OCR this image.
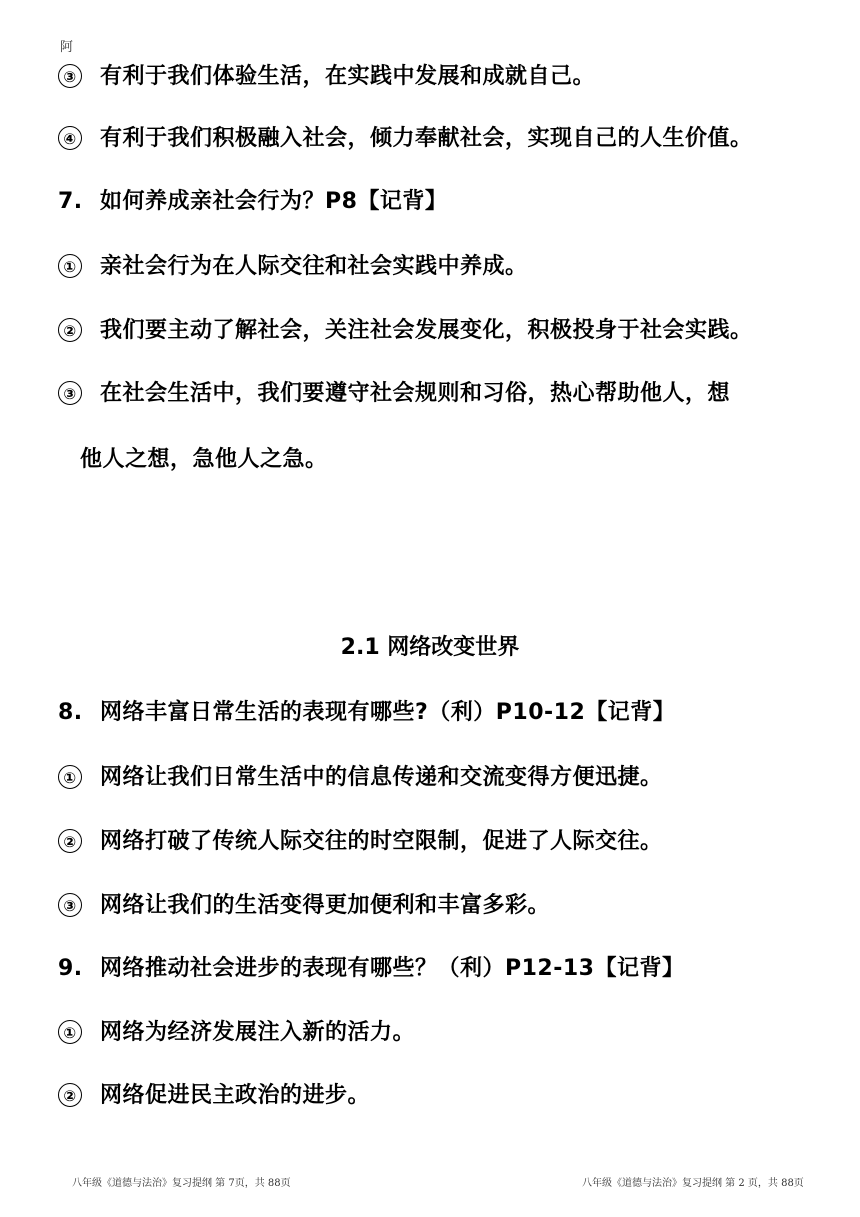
阿
③ 有利于我们体验生活，在实践中发展和成就自己。
④ 有利于我们积极融入社会，倾力奉献社会，实现自己的人生价值。
7. 如何养成亲社会行为？P8【记背】
① 亲社会行为在人际交往和社会实践中养成。
② 我们要主动了解社会，关注社会发展变化，积极投身于社会实践。
③ 在社会生活中，我们要遵守社会规则和习俗，热心帮助他人，想
他人之想，急他人之急。
2.1 网络改变世界
8. 网络丰富日常生活的表现有哪些?（利）P10-12【记背】
① 网络让我们日常生活中的信息传递和交流变得方便迅捷。
② 网络打破了传统人际交往的时空限制，促进了人际交往。
③ 网络让我们的生活变得更加便利和丰富多彩。
9. 网络推动社会进步的表现有哪些？（利）P12-13【记背】
① 网络为经济发展注入新的活力。
② 网络促进民主政治的进步。
八年级《道德与法治》复习提纲 第 7页，共 88页	八年级《道德与法治》复习提纲 第 2 页，共 88页
